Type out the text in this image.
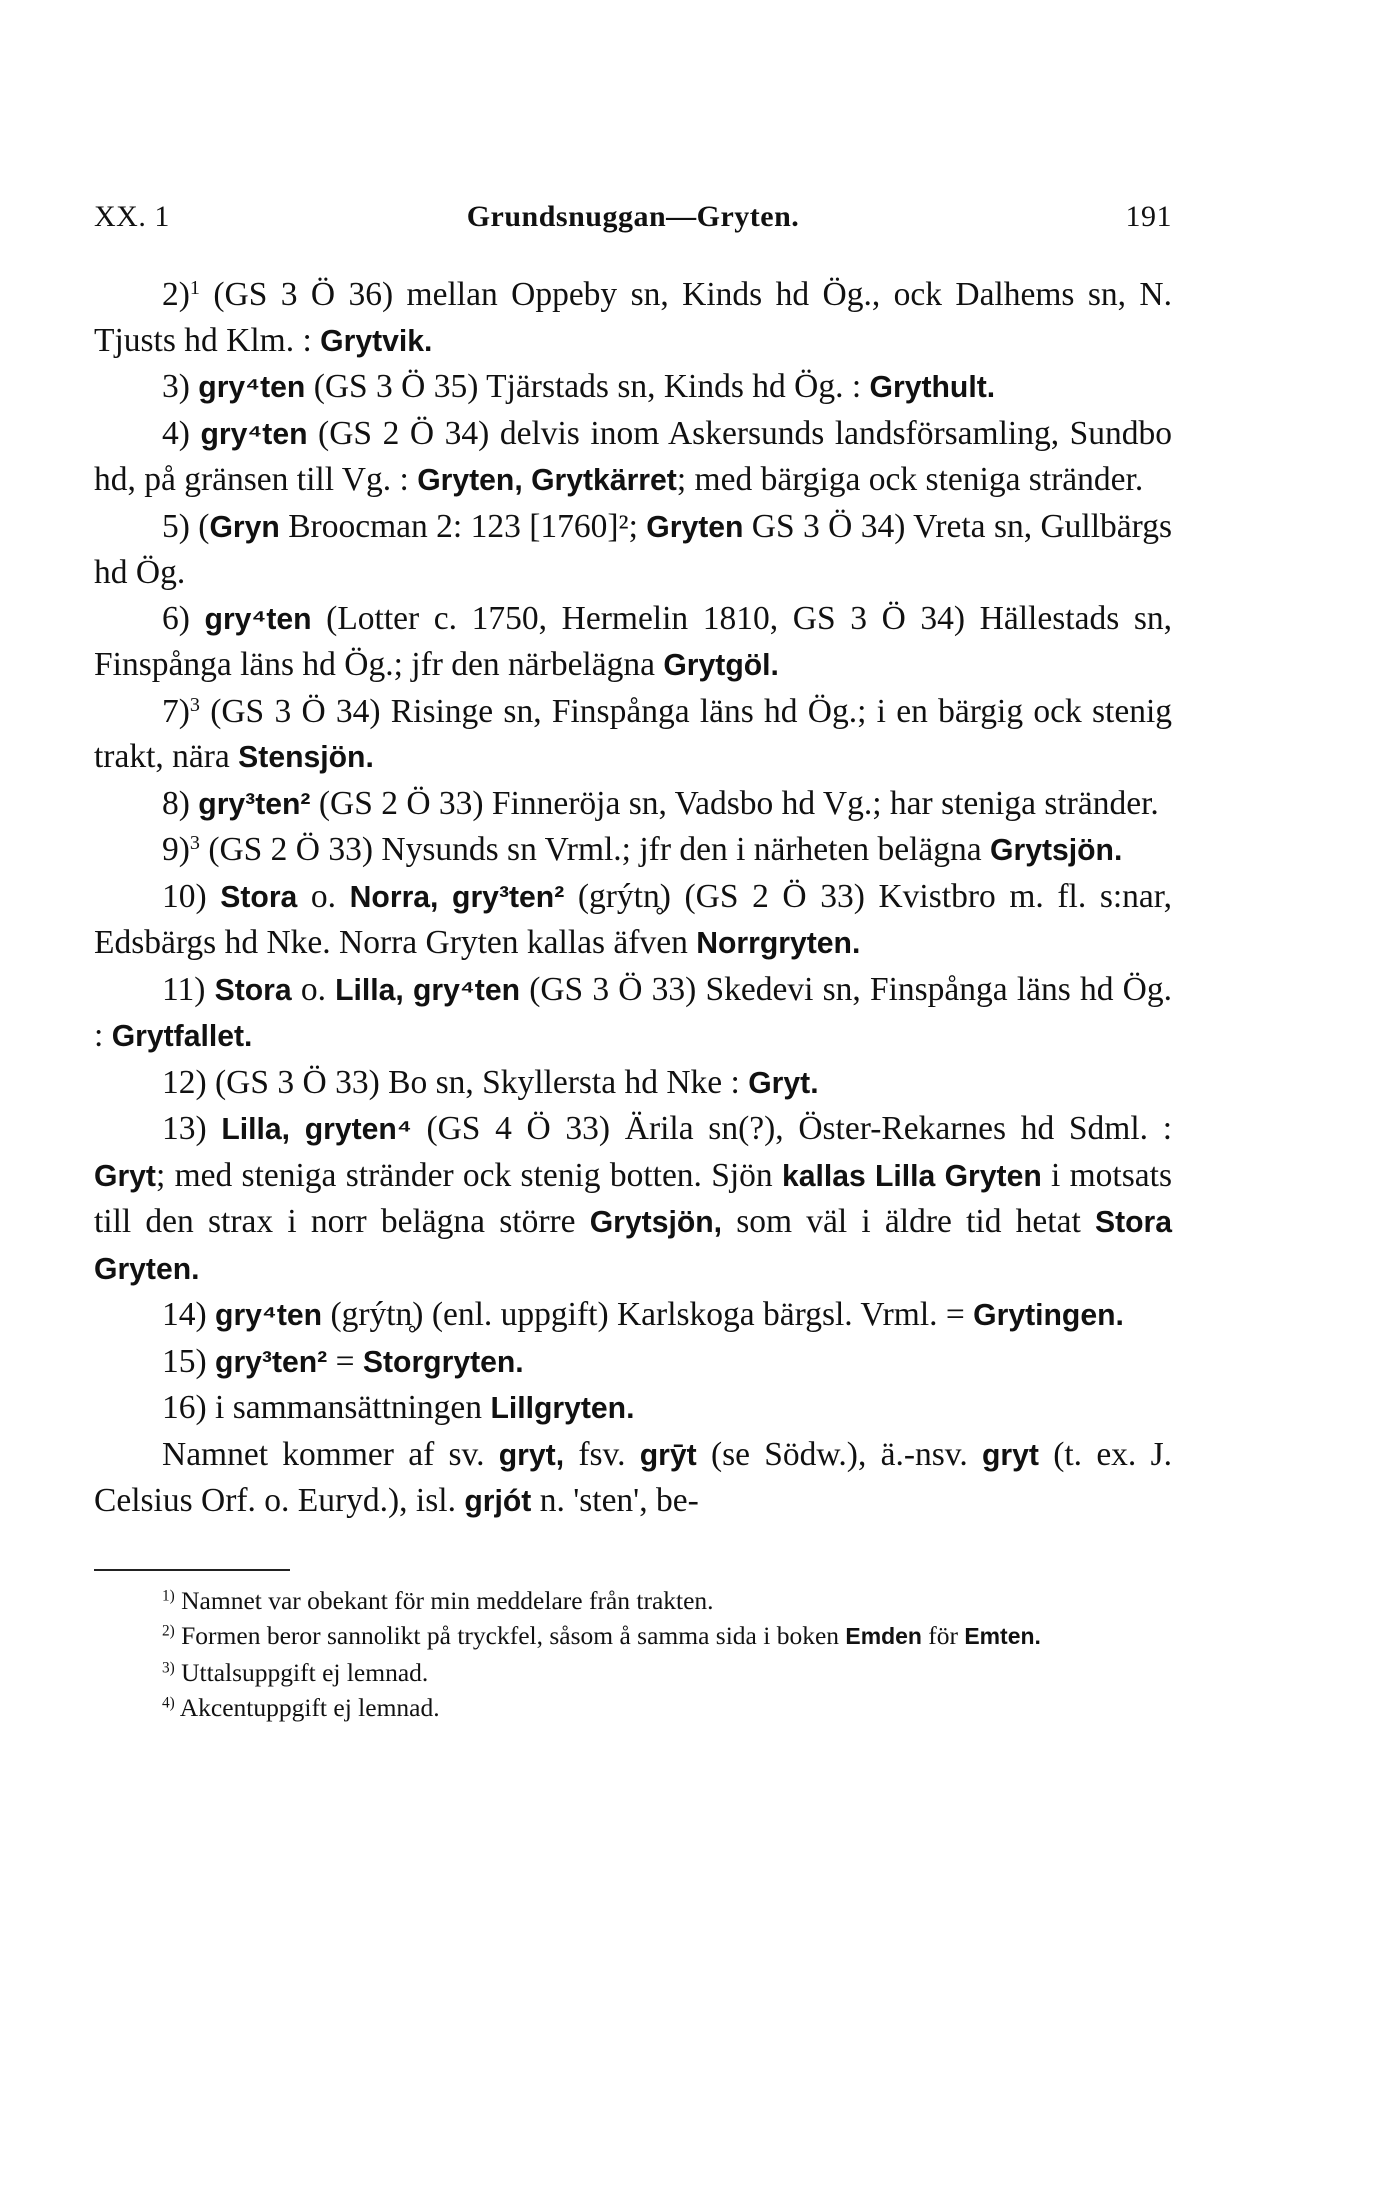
XX. 1	Grundsnuggan—Gryten.	191

2)$^1$ (GS 3 Ö 36) mellan Oppeby sn, Kinds hd Ög., ock Dalhems sn, N. Tjusts hd Klm. : Grytvik.

3) gry⁴ten (GS 3 Ö 35) Tjärstads sn, Kinds hd Ög. : Grythult.

4) gry⁴ten (GS 2 Ö 34) delvis inom Askersunds landsförsamling, Sundbo hd, på gränsen till Vg. : Gryten, Grytkärret; med bärgiga ock steniga stränder.

5) (Gryn Broocman 2: 123 [1760]²; Gryten GS 3 Ö 34) Vreta sn, Gullbärgs hd Ög.

6) gry⁴ten (Lotter c. 1750, Hermelin 1810, GS 3 Ö 34) Hällestads sn, Finspånga läns hd Ög.; jfr den närbelägna Grytgöl.

7)$^3$ (GS 3 Ö 34) Risinge sn, Finspånga läns hd Ög.; i en bärgig ock stenig trakt, nära Stensjön.

8) gry³ten² (GS 2 Ö 33) Finneröja sn, Vadsbo hd Vg.; har steniga stränder.

9)$^3$ (GS 2 Ö 33) Nysunds sn Vrml.; jfr den i närheten belägna Grytsjön.

10) Stora o. Norra, gry³ten² (grýtn̥) (GS 2 Ö 33) Kvistbro m. fl. s:nar, Edsbärgs hd Nke. Norra Gryten kallas äfven Norrgryten.

11) Stora o. Lilla, gry⁴ten (GS 3 Ö 33) Skedevi sn, Finspånga läns hd Ög. : Grytfallet.

12) (GS 3 Ö 33) Bo sn, Skyllersta hd Nke : Gryt.

13) Lilla, gryten⁴ (GS 4 Ö 33) Ärila sn(?), Öster-Rekarnes hd Sdml. : Gryt; med steniga stränder ock stenig botten. Sjön kallas Lilla Gryten i motsats till den strax i norr belägna större Grytsjön, som väl i äldre tid hetat Stora Gryten.

14) gry⁴ten (grýtn̥) (enl. uppgift) Karlskoga bärgsl. Vrml. = Grytingen.

15) gry³ten² = Storgryten.

16) i sammansättningen Lillgryten.

Namnet kommer af sv. gryt, fsv. grȳt (se Södw.), ä.-nsv. gryt (t. ex. J. Celsius Orf. o. Euryd.), isl. grjót n. 'sten', be-

$^{1)}$ Namnet var obekant för min meddelare från trakten.

$^{2)}$ Formen beror sannolikt på tryckfel, såsom å samma sida i boken Emden för Emten.

$^{3)}$ Uttalsuppgift ej lemnad.

$^{4)}$ Akcentuppgift ej lemnad.
